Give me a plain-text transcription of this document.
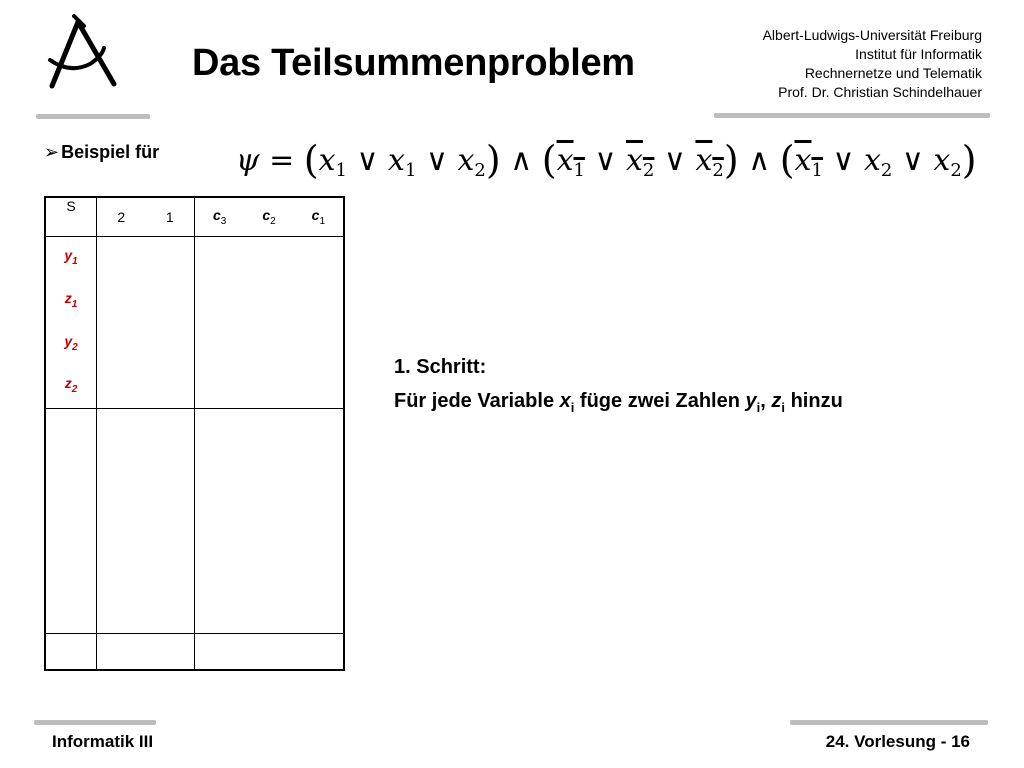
Das Teilsummenproblem
Albert-Ludwigs-Universität Freiburg
Institut für Informatik
Rechnernetze und Telematik
Prof. Dr. Christian Schindelhauer
➢ Beispiel für	$\psi = (x_1$ ∨ $x_1$ ∨ $x_2$) ∧ ($x_1$ ∨ $x_2$ ∨ $x_2$) ∧ ($x_1$ ∨ $x_2$ ∨ $x_2$)
S	2 1	$c_3$ $c_2$ $c_1$

$y_1$
$z_1$
$y_2$
$z_2$

1. Schritt:
Für jede Variable $x_i$ füge zwei Zahlen $y_i$, $z_i$ hinzu
Informatik III	24. Vorlesung - 16
